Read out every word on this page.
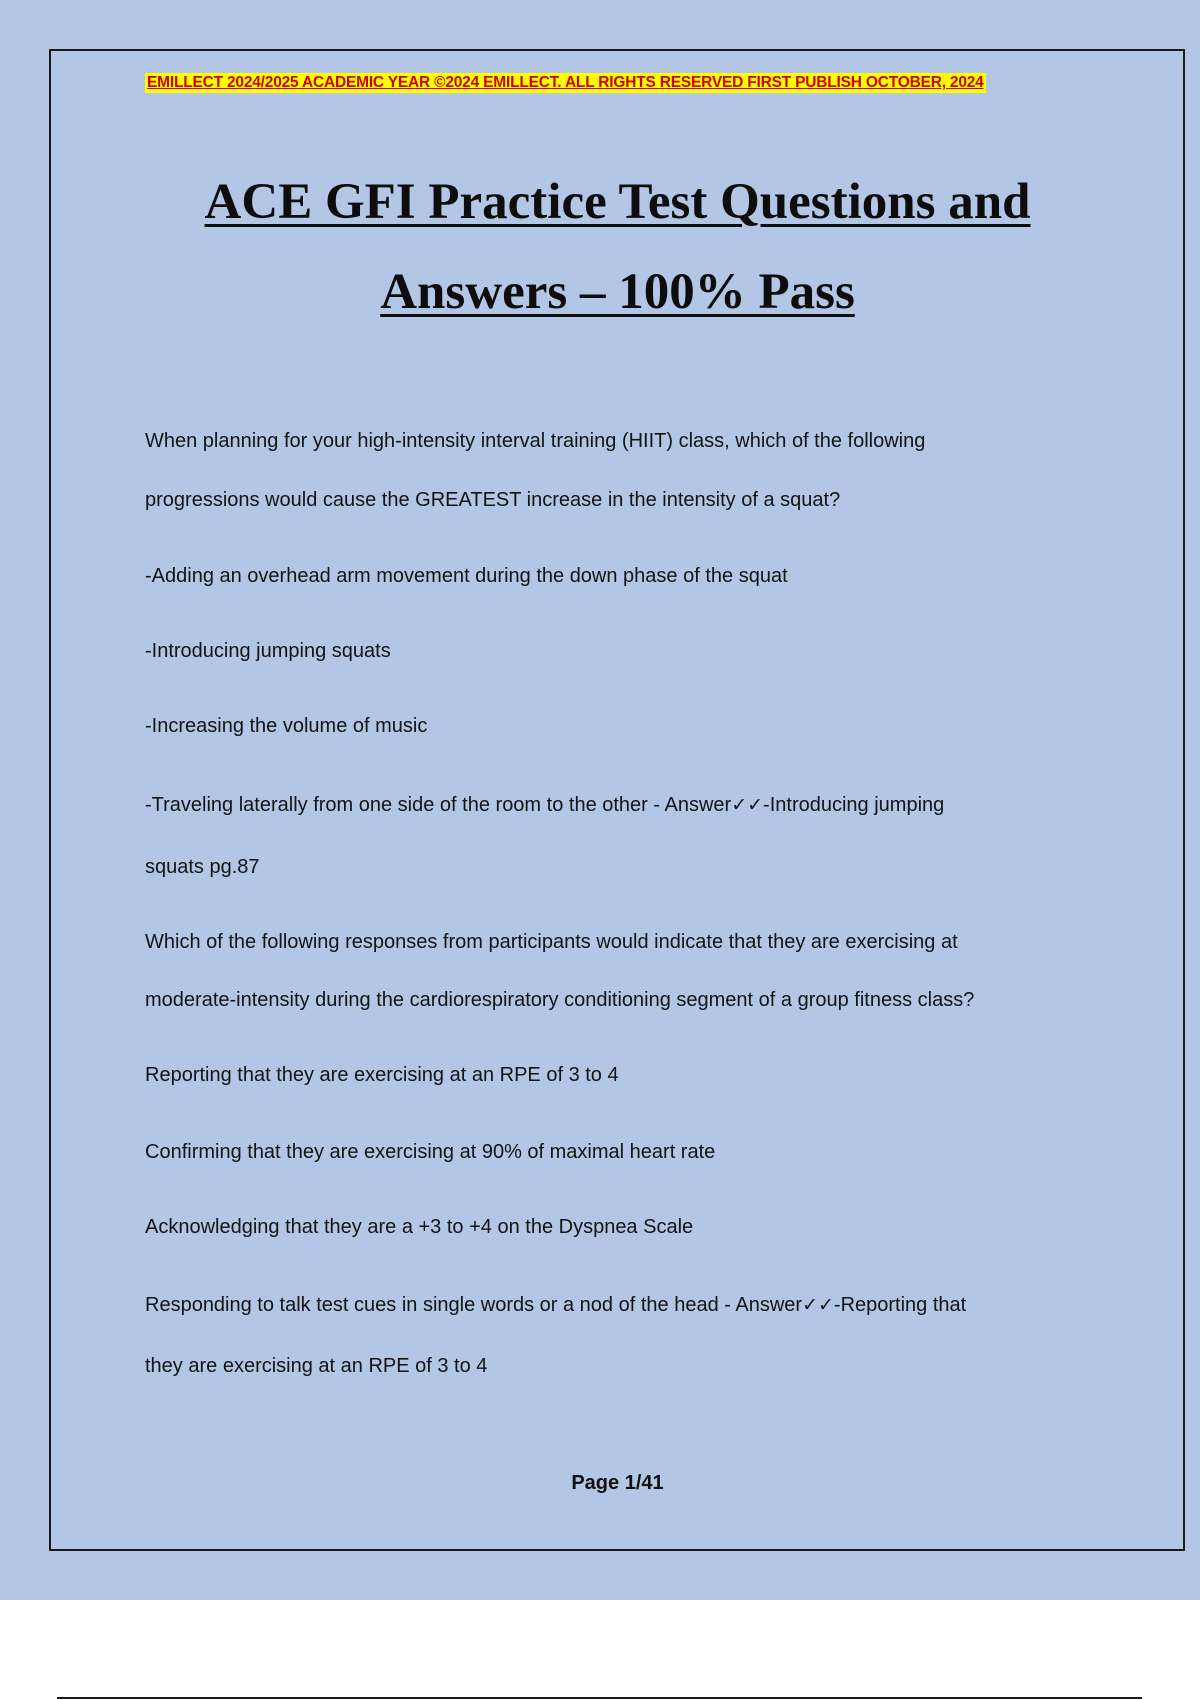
EMILLECT 2024/2025 ACADEMIC YEAR ©2024 EMILLECT. ALL RIGHTS RESERVED FIRST PUBLISH OCTOBER, 2024
ACE GFI Practice Test Questions and
Answers – 100% Pass
When planning for your high-intensity interval training (HIIT) class, which of the following
progressions would cause the GREATEST increase in the intensity of a squat?
-Adding an overhead arm movement during the down phase of the squat
-Introducing jumping squats
-Increasing the volume of music
-Traveling laterally from one side of the room to the other - Answer✓✓-Introducing jumping
squats pg.87
Which of the following responses from participants would indicate that they are exercising at
moderate-intensity during the cardiorespiratory conditioning segment of a group fitness class?
Reporting that they are exercising at an RPE of 3 to 4
Confirming that they are exercising at 90% of maximal heart rate
Acknowledging that they are a +3 to +4 on the Dyspnea Scale
Responding to talk test cues in single words or a nod of the head - Answer✓✓-Reporting that
they are exercising at an RPE of 3 to 4
Page 1/41
